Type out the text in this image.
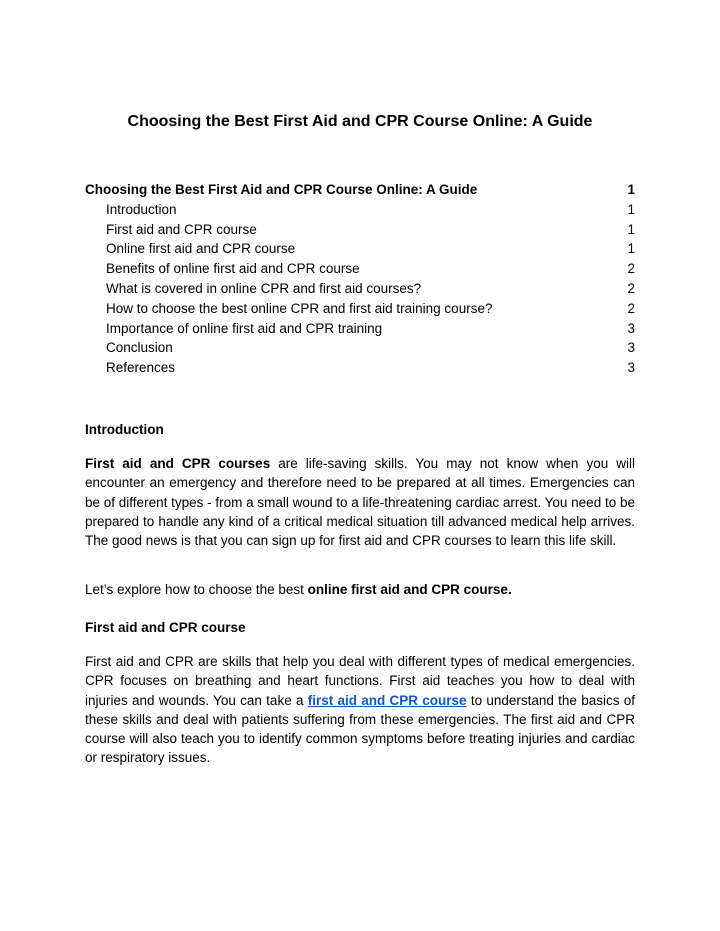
Choosing the Best First Aid and CPR Course Online: A Guide
Choosing the Best First Aid and CPR Course Online: A Guide	1
Introduction	1
First aid and CPR course	1
Online first aid and CPR course	1
Benefits of online first aid and CPR course	2
What is covered in online CPR and first aid courses?	2
How to choose the best online CPR and first aid training course?	2
Importance of online first aid and CPR training	3
Conclusion	3
References	3
Introduction

First aid and CPR courses are life-saving skills. You may not know when you will encounter an emergency and therefore need to be prepared at all times. Emergencies can be of different types - from a small wound to a life-threatening cardiac arrest. You need to be prepared to handle any kind of a critical medical situation till advanced medical help arrives. The good news is that you can sign up for first aid and CPR courses to learn this life skill.

Let’s explore how to choose the best online first aid and CPR course.

First aid and CPR course

First aid and CPR are skills that help you deal with different types of medical emergencies. CPR focuses on breathing and heart functions. First aid teaches you how to deal with injuries and wounds. You can take a first aid and CPR course to understand the basics of these skills and deal with patients suffering from these emergencies. The first aid and CPR course will also teach you to identify common symptoms before treating injuries and cardiac or respiratory issues.
